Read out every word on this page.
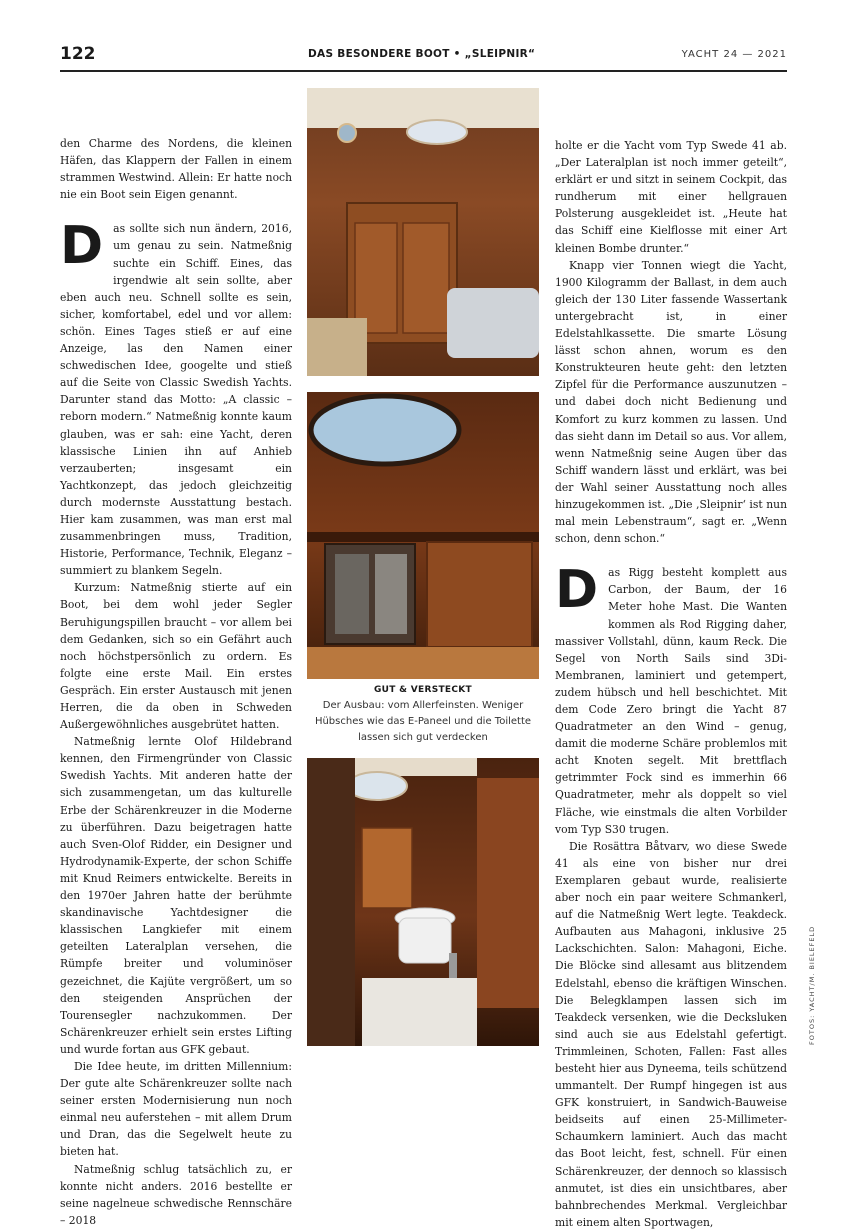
122	DAS BESONDERE BOOT • „SLEIPNIR“	YACHT 24 — 2021

den Charme des Nordens, die kleinen Häfen, das Klappern der Fallen in einem strammen Westwind. Allein: Er hatte noch nie ein Boot sein Eigen genannt.

Das sollte sich nun ändern, 2016, um genau zu sein. Natmeßnig suchte ein Schiff. Eines, das irgendwie alt sein sollte, aber eben auch neu. Schnell sollte es sein, sicher, komfortabel, edel und vor allem: schön. Eines Tages stieß er auf eine Anzeige, las den Namen einer schwedischen Idee, googelte und stieß auf die Seite von Classic Swedish Yachts. Darunter stand das Motto: „A classic – reborn modern.“ Natmeßnig konnte kaum glauben, was er sah: eine Yacht, deren klassische Linien ihn auf Anhieb verzauberten; insgesamt ein Yachtkonzept, das jedoch gleichzeitig durch modernste Ausstattung bestach. Hier kam zusammen, was man erst mal zusammenbringen muss, Tradition, Historie, Performance, Technik, Eleganz – summiert zu blankem Segeln.

Kurzum: Natmeßnig stierte auf ein Boot, bei dem wohl jeder Segler Beruhigungspillen braucht – vor allem bei dem Gedanken, sich so ein Gefährt auch noch höchstpersönlich zu ordern. Es folgte eine erste Mail. Ein erstes Gespräch. Ein erster Austausch mit jenen Herren, die da oben in Schweden Außergewöhnliches ausgebrütet hatten.

Natmeßnig lernte Olof Hildebrand kennen, den Firmengründer von Classic Swedish Yachts. Mit anderen hatte der sich zusammengetan, um das kulturelle Erbe der Schärenkreuzer in die Moderne zu überführen. Dazu beigetragen hatte auch Sven-Olof Ridder, ein Designer und Hydrodynamik-Experte, der schon Schiffe mit Knud Reimers entwickelte. Bereits in den 1970er Jahren hatte der berühmte skandinavische Yachtdesigner die klassischen Langkiefer mit einem geteilten Lateralplan versehen, die Rümpfe breiter und voluminöser gezeichnet, die Kajüte vergrößert, um so den steigenden Ansprüchen der Tourensegler nachzukommen. Der Schärenkreuzer erhielt sein erstes Lifting und wurde fortan aus GFK gebaut.

Die Idee heute, im dritten Millennium: Der gute alte Schärenkreuzer sollte nach seiner ersten Modernisierung nun noch einmal neu auferstehen – mit allem Drum und Dran, das die Segelwelt heute zu bieten hat.

Natmeßnig schlug tatsächlich zu, er konnte nicht anders. 2016 bestellte er seine nagelneue schwedische Rennschäre – 2018

GUT & VERSTECKT
Der Ausbau: vom Allerfeinsten. Weniger Hübsches wie das E-Paneel und die Toilette lassen sich gut verdecken

holte er die Yacht vom Typ Swede 41 ab. „Der Lateralplan ist noch immer geteilt“, erklärt er und sitzt in seinem Cockpit, das rundherum mit einer hellgrauen Polsterung ausgekleidet ist. „Heute hat das Schiff eine Kielflosse mit einer Art kleinen Bombe drunter.“

Knapp vier Tonnen wiegt die Yacht, 1900 Kilogramm der Ballast, in dem auch gleich der 130 Liter fassende Wassertank untergebracht ist, in einer Edelstahlkassette. Die smarte Lösung lässt schon ahnen, worum es den Konstrukteuren heute geht: den letzten Zipfel für die Performance auszunutzen – und dabei doch nicht Bedienung und Komfort zu kurz kommen zu lassen. Und das sieht dann im Detail so aus. Vor allem, wenn Natmeßnig seine Augen über das Schiff wandern lässt und erklärt, was bei der Wahl seiner Ausstattung noch alles hinzugekommen ist. „Die ‚Sleipnir‘ ist nun mal mein Lebenstraum“, sagt er. „Wenn schon, denn schon.“

Das Rigg besteht komplett aus Carbon, der Baum, der 16 Meter hohe Mast. Die Wanten kommen als Rod Rigging daher, massiver Vollstahl, dünn, kaum Reck. Die Segel von North Sails sind 3Di-Membranen, laminiert und getempert, zudem hübsch und hell beschichtet. Mit dem Code Zero bringt die Yacht 87 Quadratmeter an den Wind – genug, damit die moderne Schäre problemlos mit acht Knoten segelt. Mit brettflach getrimmter Fock sind es immerhin 66 Quadratmeter, mehr als doppelt so viel Fläche, wie einstmals die alten Vorbilder vom Typ S30 trugen.

Die Rosättra Båtvarv, wo diese Swede 41 als eine von bisher nur drei Exemplaren gebaut wurde, realisierte aber noch ein paar weitere Schmankerl, auf die Natmeßnig Wert legte. Teakdeck. Aufbauten aus Mahagoni, inklusive 25 Lackschichten. Salon: Mahagoni, Eiche. Die Blöcke sind allesamt aus blitzendem Edelstahl, ebenso die kräftigen Winschen. Die Belegklampen lassen sich im Teakdeck versenken, wie die Decksluken sind auch sie aus Edelstahl gefertigt. Trimmleinen, Schoten, Fallen: Fast alles besteht hier aus Dyneema, teils schützend ummantelt. Der Rumpf hingegen ist aus GFK konstruiert, in Sandwich-Bauweise beidseits auf einen 25-Millimeter-Schaumkern laminiert. Auch das macht das Boot leicht, fest, schnell. Für einen Schärenkreuzer, der dennoch so klassisch anmutet, ist dies ein unsichtbares, aber bahnbrechendes Merkmal. Vergleichbar mit einem alten Sportwagen,

FOTOS: YACHT/M. BIELEFELD
